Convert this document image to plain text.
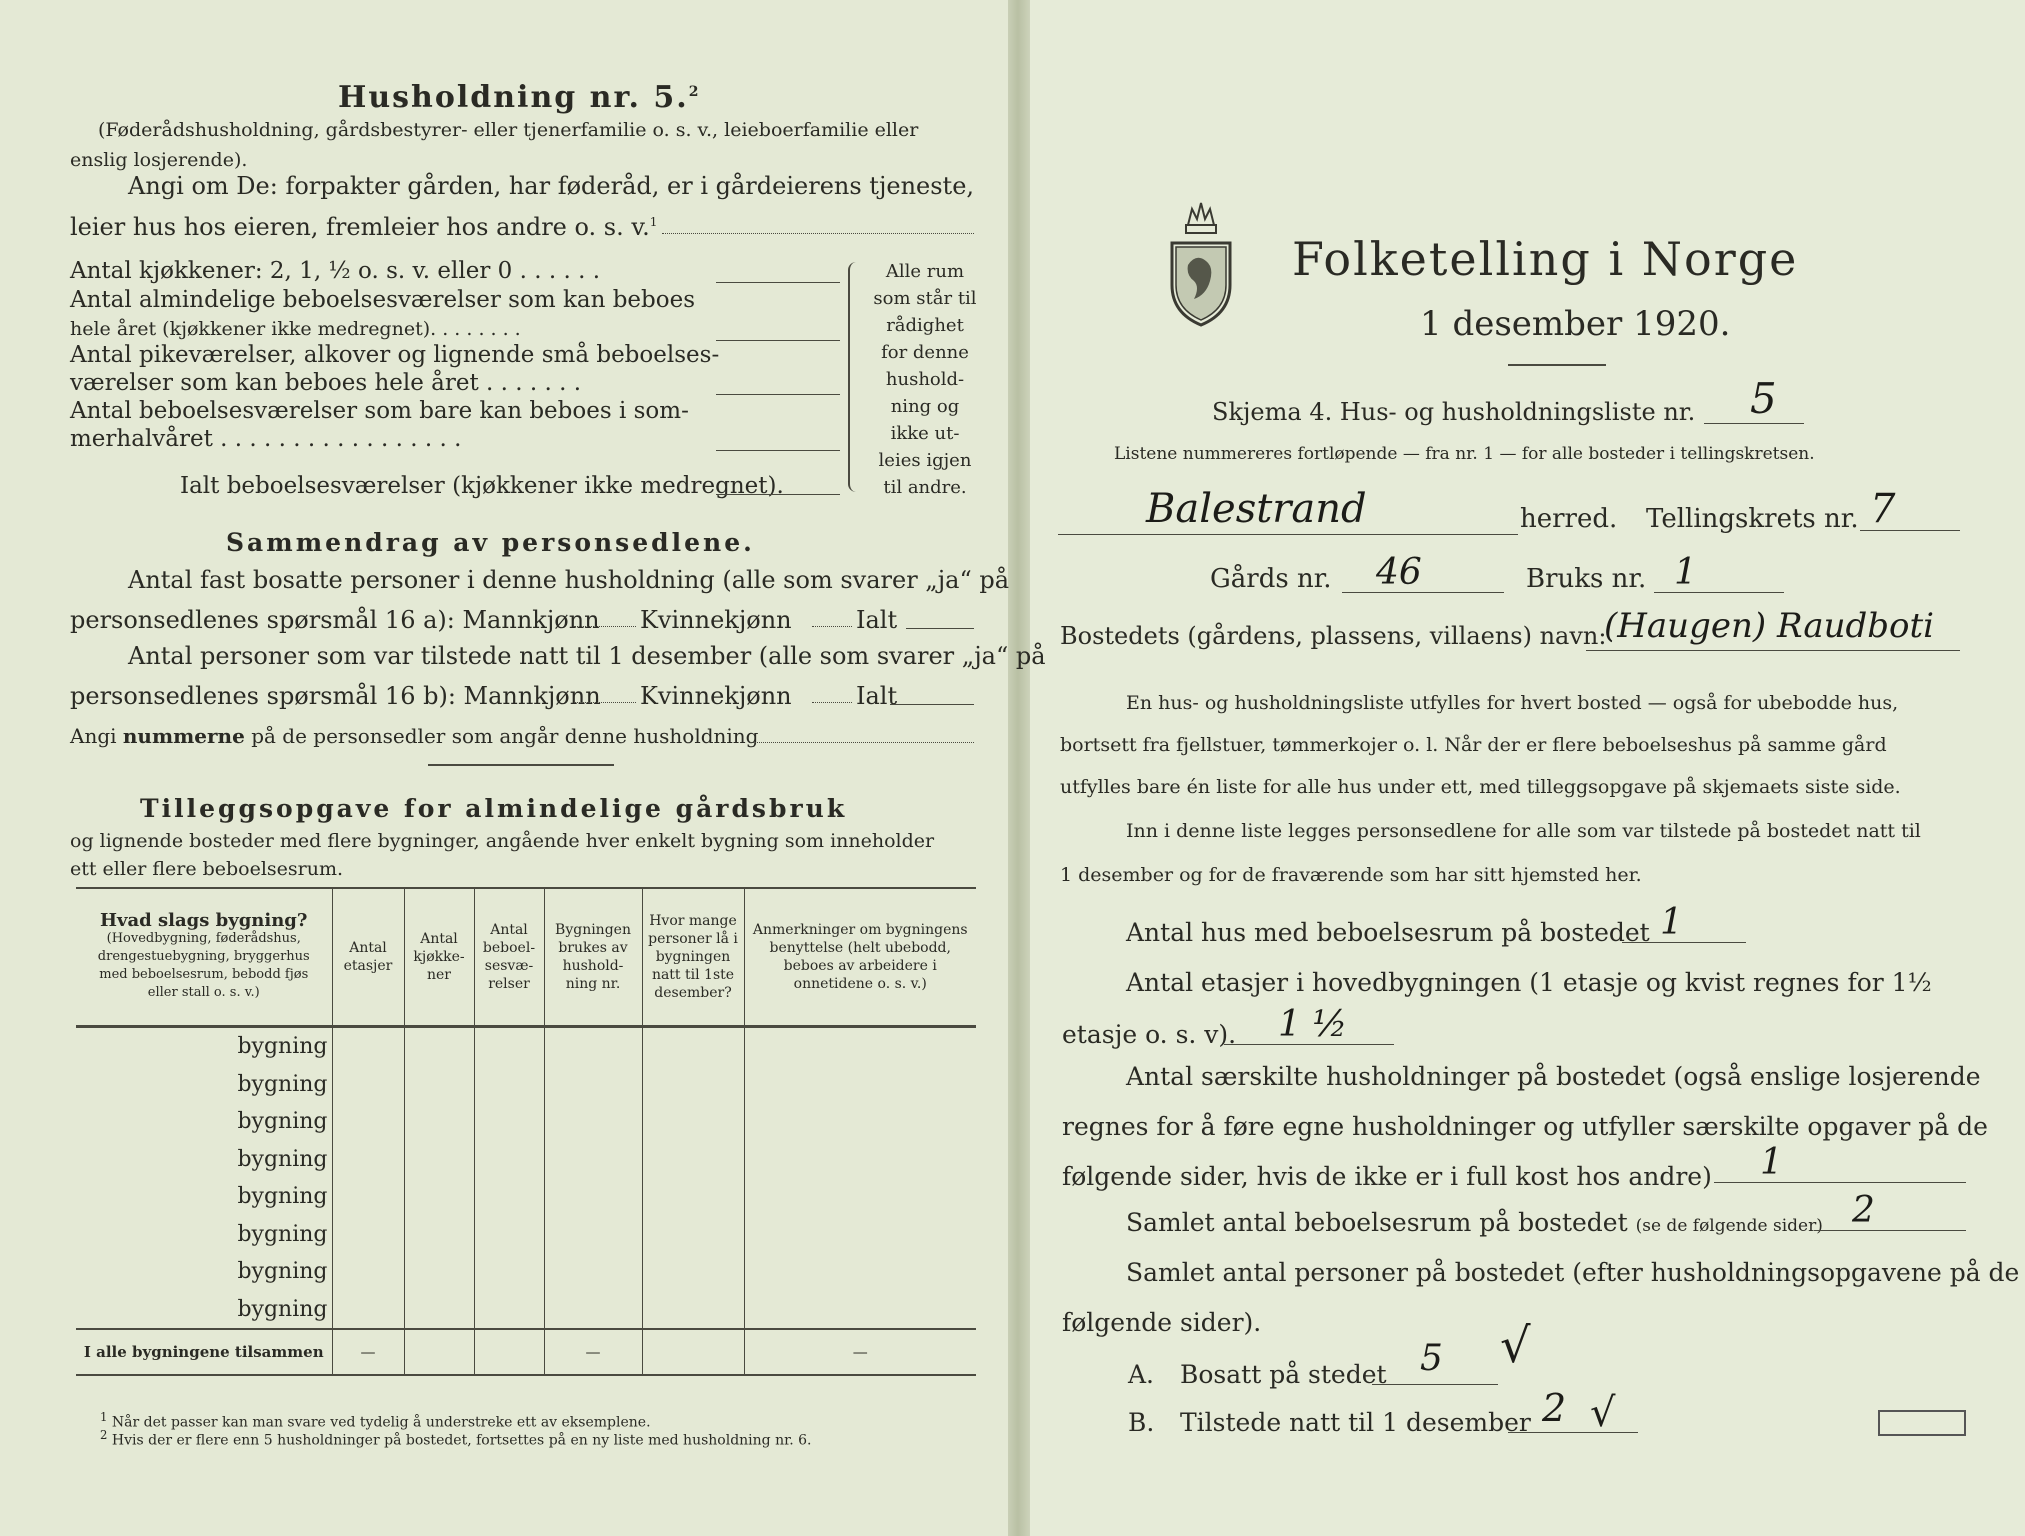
Husholdning nr. 5.$^2$
(Føderådshusholdning, gårdsbestyrer- eller tjenerfamilie o. s. v., leieboerfamilie eller
enslig losjerende).
Angi om De: forpakter gården, har føderåd, er i gårdeierens tjeneste,
leier hus hos eieren, fremleier hos andre o. s. v.$^1$
Antal kjøkkener: 2, 1, ½ o. s. v. eller 0 . . . . . .
Antal almindelige beboelsesværelser som kan beboes
hele året (kjøkkener ikke medregnet). . . . . . . .
Antal pikeværelser, alkover og lignende små beboelses-
værelser som kan beboes hele året . . . . . . .
Antal beboelsesværelser som bare kan beboes i som-
merhalvåret . . . . . . . . . . . . . . . . .
Ialt beboelsesværelser (kjøkkener ikke medregnet).
Alle rum
som står til
rådighet
for denne
hushold-
ning og
ikke ut-
leies igjen
til andre.
Sammendrag av personsedlene.
Antal fast bosatte personer i denne husholdning (alle som svarer „ja“ på
personsedlenes spørsmål 16 a): Mannkjønn Kvinnekjønn	Ialt
Antal personer som var tilstede natt til 1 desember (alle som svarer „ja“ på
personsedlenes spørsmål 16 b): Mannkjønn Kvinnekjønn	Ialt
Angi nummerne på de personsedler som angår denne husholdning
Tilleggsopgave for almindelige gårdsbruk
og lignende bosteder med flere bygninger, angående hver enkelt bygning som inneholder
ett eller flere beboelsesrum.
Hvad slags bygning?
(Hovedbygning, føderådshus, drengestuebygning, bryggerhus med beboelsesrum, bebodd fjøs eller stall o. s. v.)	Antal etasjer	Antal kjøkke-ner	Antal beboel-sesvæ-relser	Bygningen brukes av hushold-ning nr.	Hvor mange personer lå i bygningen natt til 1ste desember?	Anmerkninger om bygningens benyttelse (helt ubebodd, beboes av arbeidere i onnetidene o. s. v.)
bygning						
bygning						
bygning						
bygning						
bygning						
bygning						
bygning						
bygning						
I alle bygningene tilsammen	—			—		—
$^1$ Når det passer kan man svare ved tydelig å understreke ett av eksemplene.
$^2$ Hvis der er flere enn 5 husholdninger på bostedet, fortsettes på en ny liste med husholdning nr. 6.
Folketelling i Norge
1 desember 1920.
Skjema 4. Hus- og husholdningsliste nr. 5
Listene nummereres fortløpende — fra nr. 1 — for alle bosteder i tellingskretsen.
Balestrand	herred. Tellingskrets nr. 7
Gårds nr. 46	Bruks nr. 1
Bostedets (gårdens, plassens, villaens) navn:
(Haugen) Raudboti
En hus- og husholdningsliste utfylles for hvert bosted — også for ubebodde hus,
bortsett fra fjellstuer, tømmerkojer o. l. Når der er flere beboelseshus på samme gård
utfylles bare én liste for alle hus under ett, med tilleggsopgave på skjemaets siste side.
Inn i denne liste legges personsedlene for alle som var tilstede på bostedet natt til
1 desember og for de fraværende som har sitt hjemsted her.
Antal hus med beboelsesrum på bostedet 1
Antal etasjer i hovedbygningen (1 etasje og kvist regnes for 1½
etasje o. s. v). 1 ½
Antal særskilte husholdninger på bostedet (også enslige losjerende
regnes for å føre egne husholdninger og utfyller særskilte opgaver på de
følgende sider, hvis de ikke er i full kost hos andre) 1
Samlet antal beboelsesrum på bostedet (se de følgende sider) 2
Samlet antal personer på bostedet (efter husholdningsopgavene på de
følgende sider).
A. Bosatt på stedet 5 √
B. Tilstede natt til 1 desember 2 √
